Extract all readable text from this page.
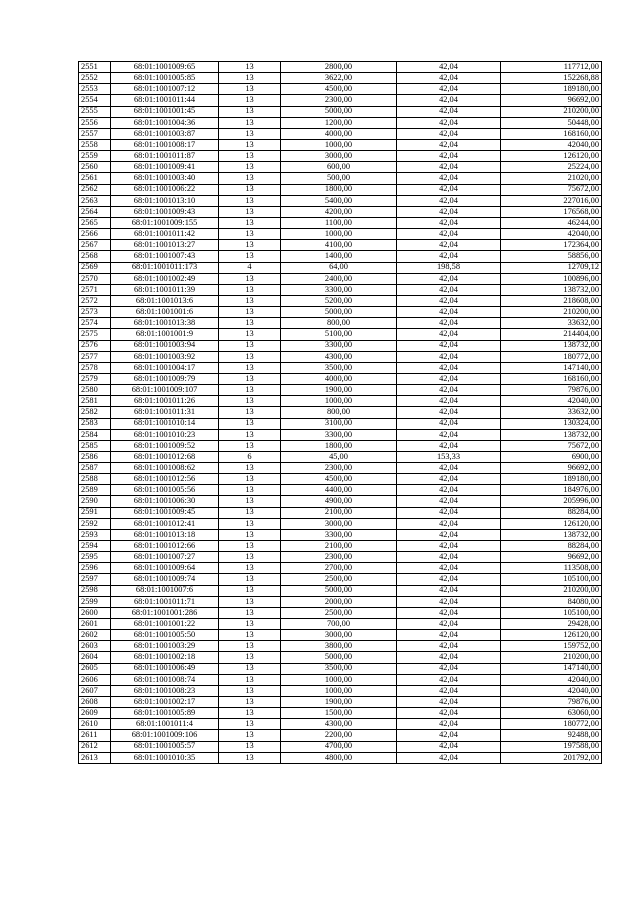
2551	68:01:1001009:65	13	2800,00	42,04	117712,00
2552	68:01:1001005:85	13	3622,00	42,04	152268,88
2553	68:01:1001007:12	13	4500,00	42,04	189180,00
2554	68:01:1001011:44	13	2300,00	42,04	96692,00
2555	68:01:1001001:45	13	5000,00	42,04	210200,00
2556	68:01:1001004:36	13	1200,00	42,04	50448,00
2557	68:01:1001003:87	13	4000,00	42,04	168160,00
2558	68:01:1001008:17	13	1000,00	42,04	42040,00
2559	68:01:1001011:87	13	3000,00	42,04	126120,00
2560	68:01:1001009:41	13	600,00	42,04	25224,00
2561	68:01:1001003:40	13	500,00	42,04	21020,00
2562	68:01:1001006:22	13	1800,00	42,04	75672,00
2563	68:01:1001013:10	13	5400,00	42,04	227016,00
2564	68:01:1001009:43	13	4200,00	42,04	176568,00
2565	68:01:1001009:155	13	1100,00	42,04	46244,00
2566	68:01:1001011:42	13	1000,00	42,04	42040,00
2567	68:01:1001013:27	13	4100,00	42,04	172364,00
2568	68:01:1001007:43	13	1400,00	42,04	58856,00
2569	68:01:1001011:173	4	64,00	198,58	12709,12
2570	68:01:1001002:49	13	2400,00	42,04	100896,00
2571	68:01:1001011:39	13	3300,00	42,04	138732,00
2572	68:01:1001013:6	13	5200,00	42,04	218608,00
2573	68:01:1001001:6	13	5000,00	42,04	210200,00
2574	68:01:1001013:38	13	800,00	42,04	33632,00
2575	68:01:1001001:9	13	5100,00	42,04	214404,00
2576	68:01:1001003:94	13	3300,00	42,04	138732,00
2577	68:01:1001003:92	13	4300,00	42,04	180772,00
2578	68:01:1001004:17	13	3500,00	42,04	147140,00
2579	68:01:1001009:79	13	4000,00	42,04	168160,00
2580	68:01:1001009:107	13	1900,00	42,04	79876,00
2581	68:01:1001011:26	13	1000,00	42,04	42040,00
2582	68:01:1001011:31	13	800,00	42,04	33632,00
2583	68:01:1001010:14	13	3100,00	42,04	130324,00
2584	68:01:1001010:23	13	3300,00	42,04	138732,00
2585	68:01:1001009:52	13	1800,00	42,04	75672,00
2586	68:01:1001012:68	6	45,00	153,33	6900,00
2587	68:01:1001008:62	13	2300,00	42,04	96692,00
2588	68:01:1001012:56	13	4500,00	42,04	189180,00
2589	68:01:1001005:56	13	4400,00	42,04	184976,00
2590	68:01:1001006:30	13	4900,00	42,04	205996,00
2591	68:01:1001009:45	13	2100,00	42,04	88284,00
2592	68:01:1001012:41	13	3000,00	42,04	126120,00
2593	68:01:1001013:18	13	3300,00	42,04	138732,00
2594	68:01:1001012:66	13	2100,00	42,04	88284,00
2595	68:01:1001007:27	13	2300,00	42,04	96692,00
2596	68:01:1001009:64	13	2700,00	42,04	113508,00
2597	68:01:1001009:74	13	2500,00	42,04	105100,00
2598	68:01:1001007:6	13	5000,00	42,04	210200,00
2599	68:01:1001011:71	13	2000,00	42,04	84080,00
2600	68:01:1001001:286	13	2500,00	42,04	105100,00
2601	68:01:1001001:22	13	700,00	42,04	29428,00
2602	68:01:1001005:50	13	3000,00	42,04	126120,00
2603	68:01:1001003:29	13	3800,00	42,04	159752,00
2604	68:01:1001002:18	13	5000,00	42,04	210200,00
2605	68:01:1001006:49	13	3500,00	42,04	147140,00
2606	68:01:1001008:74	13	1000,00	42,04	42040,00
2607	68:01:1001008:23	13	1000,00	42,04	42040,00
2608	68:01:1001002:17	13	1900,00	42,04	79876,00
2609	68:01:1001005:89	13	1500,00	42,04	63060,00
2610	68:01:1001011:4	13	4300,00	42,04	180772,00
2611	68:01:1001009:106	13	2200,00	42,04	92488,00
2612	68:01:1001005:57	13	4700,00	42,04	197588,00
2613	68:01:1001010:35	13	4800,00	42,04	201792,00
